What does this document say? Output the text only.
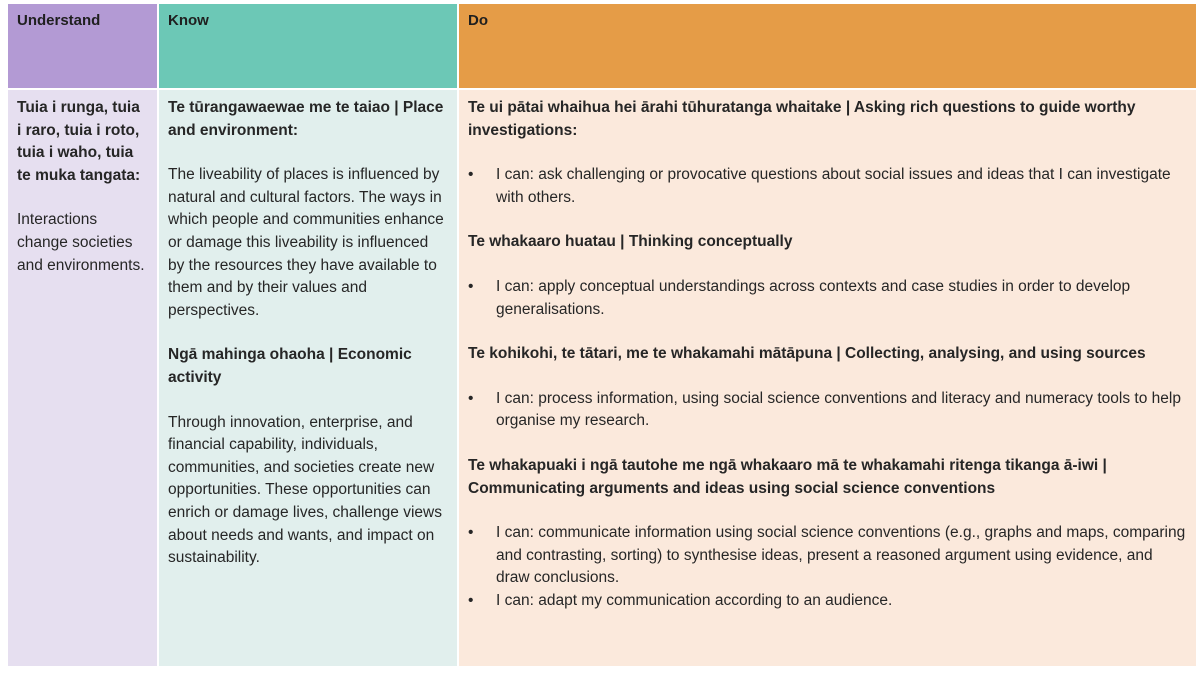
Understand	Know	Do
Tuia i runga, tuia i raro, tuia i roto, tuia i waho, tuia te muka tangata:
Interactions change societies and environments.
Te tūrangawaewae me te taiao | Place and environment:
The liveability of places is influenced by natural and cultural factors. The ways in which people and communities enhance or damage this liveability is influenced by the resources they have available to them and by their values and perspectives.
Ngā mahinga ohaoha | Economic activity
Through innovation, enterprise, and financial capability, individuals, communities, and societies create new opportunities. These opportunities can enrich or damage lives, challenge views about needs and wants, and impact on sustainability.
Te ui pātai whaihua hei ārahi tūhuratanga whaitake | Asking rich questions to guide worthy investigations:
• I can: ask challenging or provocative questions about social issues and ideas that I can investigate with others.
Te whakaaro huatau | Thinking conceptually
• I can: apply conceptual understandings across contexts and case studies in order to develop generalisations.
Te kohikohi, te tātari, me te whakamahi mātāpuna | Collecting, analysing, and using sources
• I can: process information, using social science conventions and literacy and numeracy tools to help organise my research.
Te whakapuaki i ngā tautohe me ngā whakaaro mā te whakamahi ritenga tikanga ā-iwi | Communicating arguments and ideas using social science conventions
• I can: communicate information using social science conventions (e.g., graphs and maps, comparing and contrasting, sorting) to synthesise ideas, present a reasoned argument using evidence, and draw conclusions.
• I can: adapt my communication according to an audience.
